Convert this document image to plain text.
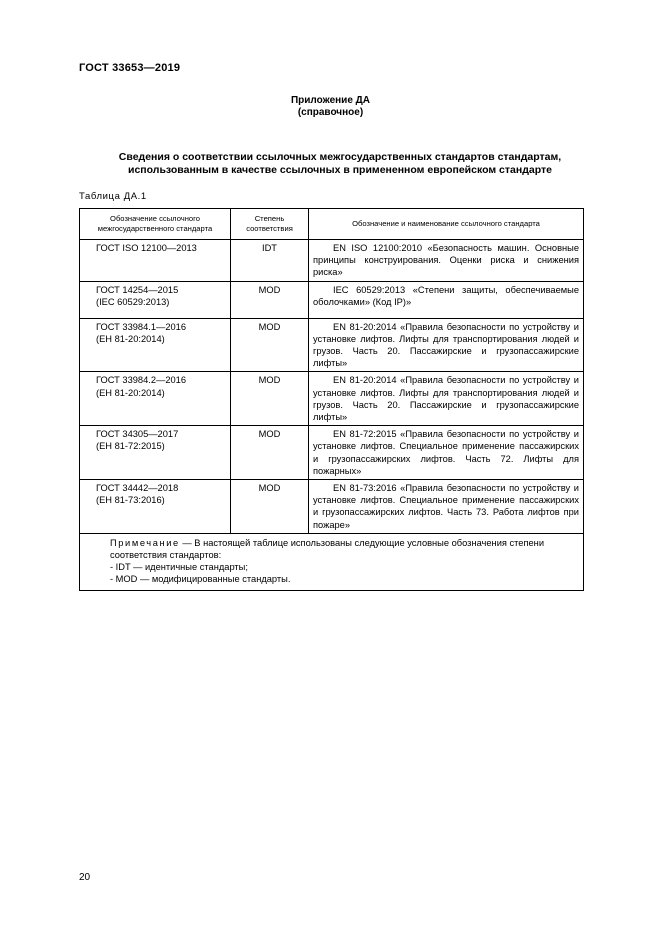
ГОСТ 33653—2019
Приложение ДА
(справочное)
Сведения о соответствии ссылочных межгосударственных стандартов стандартам,
использованным в качестве ссылочных в примененном европейском стандарте
Таблица ДА.1
Обозначение ссылочного межгосударственного стандарта	Степень соответствия	Обозначение и наименование ссылочного стандарта

ГОСТ ISO 12100—2013	IDT	EN ISO 12100:2010 «Безопасность машин. Основные принципы конструирования. Оценки риска и снижения риска»

ГОСТ 14254—2015
(IEC 60529:2013)	MOD	IEC 60529:2013 «Степени защиты, обеспечиваемые оболочками» (Код IP)»

ГОСТ 33984.1—2016
(EH 81-20:2014)	MOD	EN 81-20:2014 «Правила безопасности по устройству и установке лифтов. Лифты для транспортирования людей и грузов. Часть 20. Пассажирские и грузопассажирские лифты»

ГОСТ 33984.2—2016
(EH 81-20:2014)	MOD	EN 81-20:2014 «Правила безопасности по устройству и установке лифтов. Лифты для транспортирования людей и грузов. Часть 20. Пассажирские и грузопассажирские лифты»

ГОСТ 34305—2017
(EH 81-72:2015)	MOD	EN 81-72:2015 «Правила безопасности по устройству и установке лифтов. Специальное применение пассажирских и грузопассажирских лифтов. Часть 72. Лифты для пожарных»

ГОСТ 34442—2018
(EH 81-73:2016)	MOD	EN 81-73:2016 «Правила безопасности по устройству и установке лифтов. Специальное применение пассажирских и грузопассажирских лифтов. Часть 73. Работа лифтов при пожаре»

Примечание — В настоящей таблице использованы следующие условные обозначения степени соответствия стандартов:
- IDT — идентичные стандарты;
- MOD — модифицированные стандарты.		
20
